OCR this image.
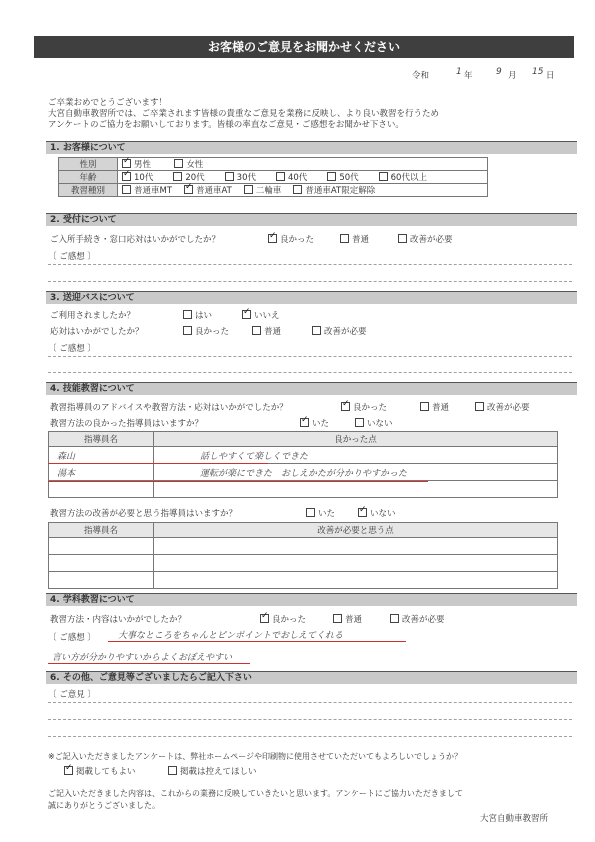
お客様のご意見をお聞かせください
令和	1 年	9 月 15 日
ご卒業おめでとうございます！
大宮自動車教習所では、ご卒業されます皆様の貴重なご意見を業務に反映し、より良い教習を行うため
アンケートのご協力をお願いしております。皆様の率直なご意見・ご感想をお聞かせ下さい。
1. お客様について
性別	✓男性 女性
年齢	✓10代 20代 30代 40代 50代 60代以上
教習種別	普通車MT ✓ 普通車AT 二輪車 普通車AT限定解除
2. 受付について
ご入所手続き・窓口応対はいかがでしたか？ ✓	良かった	普通	改善が必要
〔 ご感想 〕
3. 送迎バスについて
ご利用されましたか？	はい ✓	いいえ
応対はいかがでしたか？	良かった	普通	改善が必要
〔 ご感想 〕
4. 技能教習について
教習指導員のアドバイスや教習方法・応対はいかがでしたか？ ✓	良かった	普通	改善が必要
教習方法の良かった指導員はいますか？ ✓	いた	いない
指導員名	良かった点
森山	話しやすくて楽しくできた
湯本	運転が楽にできた　おしえかたが分かりやすかった

教習方法の改善が必要と思う指導員はいますか？	いた ✓	いない
指導員名	改善が必要と思う点

4. 学科教習について
教習方法・内容はいかがでしたか？ ✓	良かった	普通	改善が必要
〔 ご感想 〕 大事なところをちゃんとピンポイントでおしえてくれる
言い方が分かりやすいからよくおぼえやすい
6. その他、ご意見等ございましたらご記入下さい
〔 ご意見 〕
※ご記入いただきましたアンケートは、弊社ホームページや印刷物に使用させていただいてもよろしいでしょうか？
✓掲載してもよい	掲載は控えてほしい
ご記入いただきました内容は、これからの業務に反映していきたいと思います。アンケートにご協力いただきまして
誠にありがとうございました。
大宮自動車教習所
